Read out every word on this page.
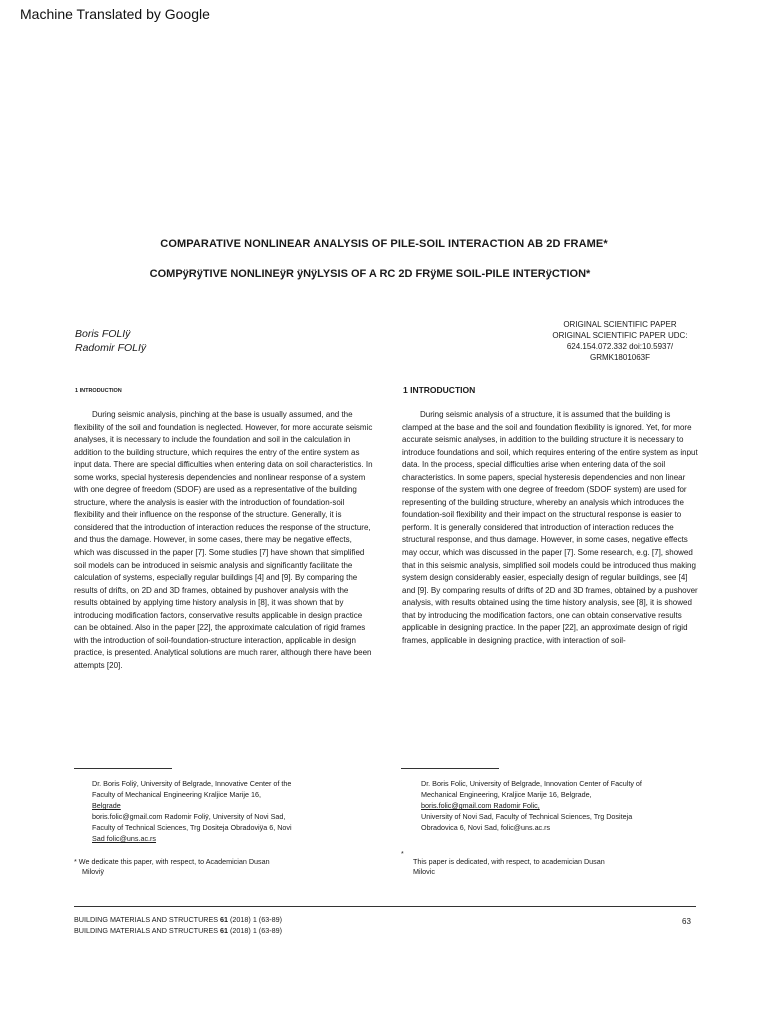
Machine Translated by Google
COMPARATIVE NONLINEAR ANALYSIS OF PILE-SOIL INTERACTION AB 2D FRAME*
COMPÿRÿTIVE NONLINEÿR ÿNÿLYSIS OF A RC 2D FRÿME SOIL-PILE INTERÿCTION*
ORIGINAL SCIENTIFIC PAPER
ORIGINAL SCIENTIFIC PAPER UDC:
624.154.072.332 doi:10.5937/
GRMK1801063F
Boris FOLIÿ
Radomir FOLIÿ
1 INTRODUCTION	1 INTRODUCTION

During seismic analysis, pinching at the base is usually assumed, and the flexibility of the soil and foundation is neglected. However, for more accurate seismic analyses, it is necessary to include the foundation and soil in the calculation in addition to the building structure, which requires the entry of the entire system as input data. There are special difficulties when entering data on soil characteristics. In some works, special hysteresis dependencies and nonlinear response of a system with one degree of freedom (SDOF) are used as a representative of the building structure, where the analysis is easier with the introduction of foundation-soil flexibility and their influence on the response of the structure. Generally, it is considered that the introduction of interaction reduces the response of the structure, and thus the damage. However, in some cases, there may be negative effects, which was discussed in the paper [7]. Some studies [7] have shown that simplified soil models can be introduced in seismic analysis and significantly facilitate the calculation of systems, especially regular buildings [4] and [9]. By comparing the results of drifts, on 2D and 3D frames, obtained by pushover analysis with the results obtained by applying time history analysis in [8], it was shown that by introducing modification factors, conservative results applicable in design practice can be obtained. Also in the paper [22], the approximate calculation of rigid frames with the introduction of soil-foundation-structure interaction, applicable in design practice, is presented. Analytical solutions are much rarer, although there have been attempts [20].

During seismic analysis of a structure, it is assumed that the building is clamped at the base and the soil and foundation flexibility is ignored. Yet, for more accurate seismic analyses, in addition to the building structure it is necessary to introduce foundations and soil, which requires entering of the entire system as input data. In the process, special difficulties arise when entering data of the soil characteristics. In some papers, special hysteresis dependencies and non linear response of the system with one degree of freedom (SDOF system) are used for representing of the building structure, whereby an analysis which introduces the foundation-soil flexibility and their impact on the structural response is easier to perform. It is generally considered that introduction of interaction reduces the structural response, and thus damage. However, in some cases, negative effects may occur, which was discussed in the paper [7]. Some research, e.g. [7], showed that in this seismic analysis, simplified soil models could be introduced thus making system design considerably easier, especially design of regular buildings, see [4] and [9]. By comparing results of drifts of 2D and 3D frames, obtained by a pushover analysis, with results obtained using the time history analysis, see [8], it is showed that by introducing the modification factors, one can obtain conservative results applicable in designing practice. In the paper [22], an approximate design of rigid frames, applicable in designing practice, with interaction of soil-

Dr. Boris Foliÿ, University of Belgrade, Innovative Center of the
Faculty of Mechanical Engineering Kraljice Marije 16,
Belgrade
boris.folic@gmail.com Radomir Foliÿ, University of Novi Sad,
Faculty of Technical Sciences, Trg Dositeja Obradoviÿa 6, Novi
Sad folic@uns.ac.rs
Dr. Boris Folic, University of Belgrade, Innovation Center of Faculty of
Mechanical Engineering, Kraljice Marije 16, Belgrade,
boris.folic@gmail.com Radomir Folic,
University of Novi Sad, Faculty of Technical Sciences, Trg Dositeja
Obradovica 6, Novi Sad, folic@uns.ac.rs
* We dedicate this paper, with respect, to Academician Dusan
Miloviÿ
*
This paper is dedicated, with respect, to academician Dusan
Milovic
BUILDING MATERIALS AND STRUCTURES 61 (2018) 1 (63-89)
BUILDING MATERIALS AND STRUCTURES 61 (2018) 1 (63-89)
63
